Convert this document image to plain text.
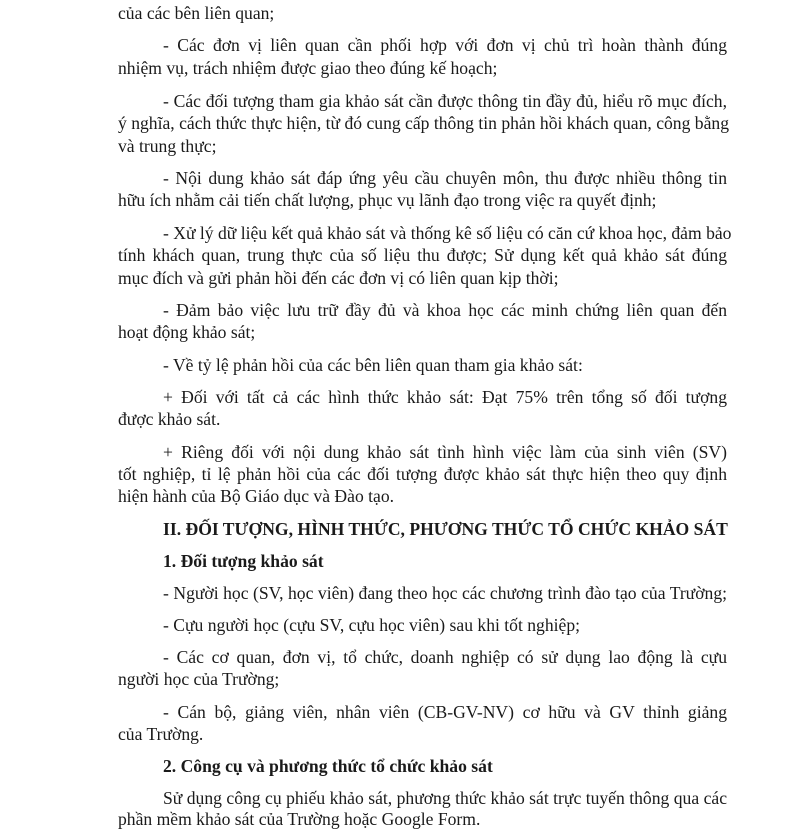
của các bên liên quan;
- Các đơn vị liên quan cần phối hợp với đơn vị chủ trì hoàn thành đúng
nhiệm vụ, trách nhiệm được giao theo đúng kế hoạch;
- Các đối tượng tham gia khảo sát cần được thông tin đầy đủ, hiểu rõ mục đích,
ý nghĩa, cách thức thực hiện, từ đó cung cấp thông tin phản hồi khách quan, công bằng
và trung thực;
- Nội dung khảo sát đáp ứng yêu cầu chuyên môn, thu được nhiều thông tin
hữu ích nhằm cải tiến chất lượng, phục vụ lãnh đạo trong việc ra quyết định;
- Xử lý dữ liệu kết quả khảo sát và thống kê số liệu có căn cứ khoa học, đảm bảo
tính khách quan, trung thực của số liệu thu được; Sử dụng kết quả khảo sát đúng
mục đích và gửi phản hồi đến các đơn vị có liên quan kịp thời;
- Đảm bảo việc lưu trữ đầy đủ và khoa học các minh chứng liên quan đến
hoạt động khảo sát;
- Về tỷ lệ phản hồi của các bên liên quan tham gia khảo sát:
+ Đối với tất cả các hình thức khảo sát: Đạt 75% trên tổng số đối tượng
được khảo sát.
+ Riêng đối với nội dung khảo sát tình hình việc làm của sinh viên (SV)
tốt nghiệp, tỉ lệ phản hồi của các đối tượng được khảo sát thực hiện theo quy định
hiện hành của Bộ Giáo dục và Đào tạo.
II. ĐỐI TƯỢNG, HÌNH THỨC, PHƯƠNG THỨC TỔ CHỨC KHẢO SÁT
1. Đối tượng khảo sát
- Người học (SV, học viên) đang theo học các chương trình đào tạo của Trường;
- Cựu người học (cựu SV, cựu học viên) sau khi tốt nghiệp;
- Các cơ quan, đơn vị, tổ chức, doanh nghiệp có sử dụng lao động là cựu
người học của Trường;
- Cán bộ, giảng viên, nhân viên (CB-GV-NV) cơ hữu và GV thỉnh giảng
của Trường.
2. Công cụ và phương thức tổ chức khảo sát
Sử dụng công cụ phiếu khảo sát, phương thức khảo sát trực tuyến thông qua các
phần mềm khảo sát của Trường hoặc Google Form.
